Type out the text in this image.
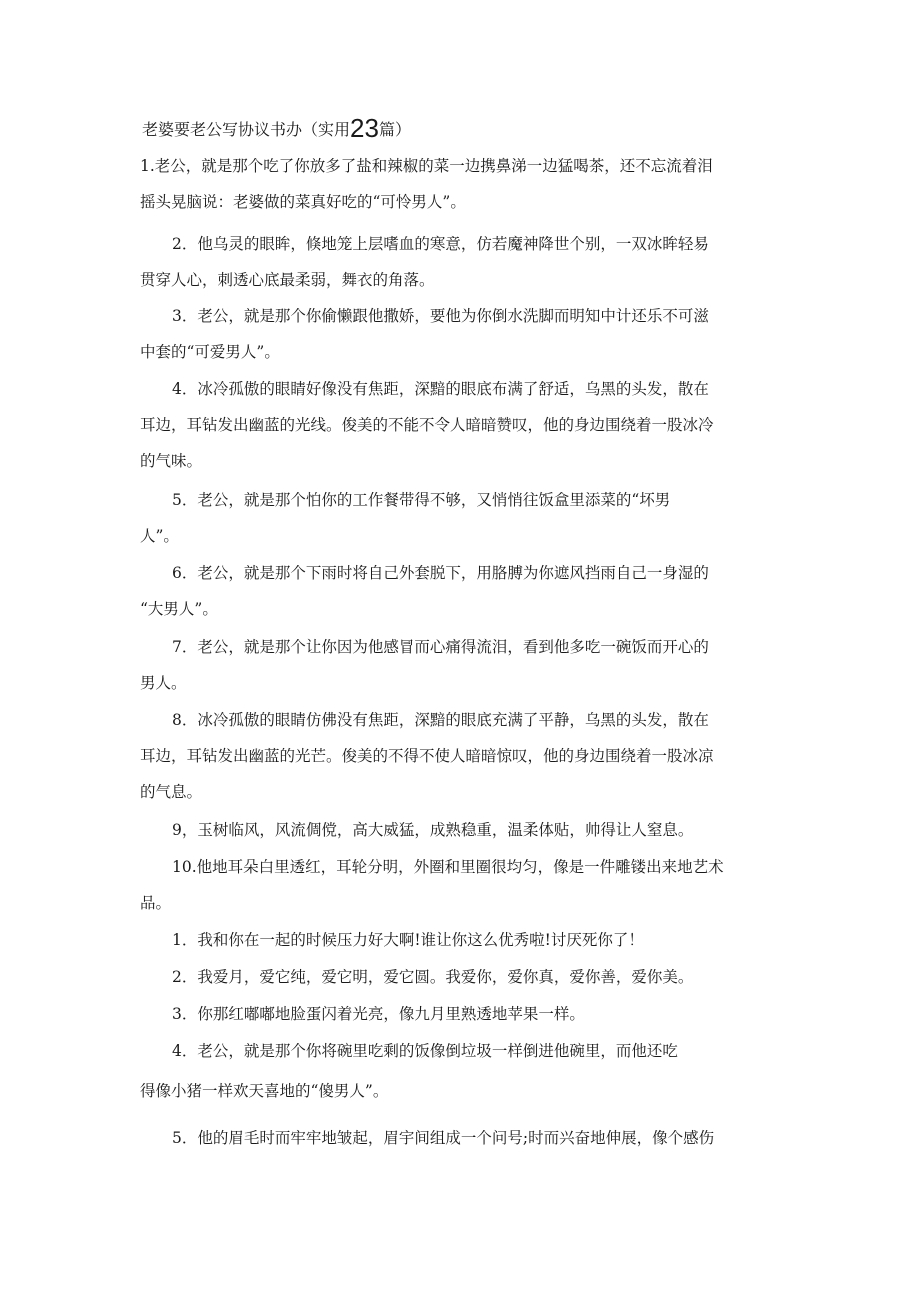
老婆要老公写协议书办（实用23篇）

1.老公，就是那个吃了你放多了盐和辣椒的菜一边携鼻涕一边猛喝茶，还不忘流着泪
摇头晃脑说：老婆做的菜真好吃的“可怜男人”。

2．他乌灵的眼眸，倏地笼上层嗜血的寒意，仿若魔神降世个别，一双冰眸轻易
贯穿人心，刺透心底最柔弱，舞衣的角落。

3．老公，就是那个你偷懒跟他撒娇，要他为你倒水洗脚而明知中计还乐不可滋
中套的“可爱男人”。

4．冰冷孤傲的眼睛好像没有焦距，深黯的眼底布满了舒适，乌黑的头发，散在
耳边，耳钻发出幽蓝的光线。俊美的不能不令人暗暗赞叹，他的身边围绕着一股冰冷
的气味。

5．老公，就是那个怕你的工作餐带得不够，又悄悄往饭盒里添菜的“坏男
人”。

6．老公，就是那个下雨时将自己外套脱下，用胳膊为你遮风挡雨自己一身湿的
“大男人”。

7．老公，就是那个让你因为他感冒而心痛得流泪，看到他多吃一碗饭而开心的
男人。

8．冰冷孤傲的眼睛仿佛没有焦距，深黯的眼底充满了平静，乌黑的头发，散在
耳边，耳钻发出幽蓝的光芒。俊美的不得不使人暗暗惊叹，他的身边围绕着一股冰凉
的气息。

9，玉树临风，风流倜傥，高大威猛，成熟稳重，温柔体贴，帅得让人窒息。

10.他地耳朵白里透红，耳轮分明，外圈和里圈很均匀，像是一件雕镂出来地艺术
品。

1．我和你在一起的时候压力好大啊!谁让你这么优秀啦!讨厌死你了！

2．我爱月，爱它纯，爱它明，爱它圆。我爱你，爱你真，爱你善，爱你美。

3．你那红嘟嘟地脸蛋闪着光亮，像九月里熟透地苹果一样。

4．老公，就是那个你将碗里吃剩的饭像倒垃圾一样倒进他碗里，而他还吃
得像小猪一样欢天喜地的“傻男人”。

5．他的眉毛时而牢牢地皱起，眉宇间组成一个问号;时而兴奋地伸展，像个感伤
